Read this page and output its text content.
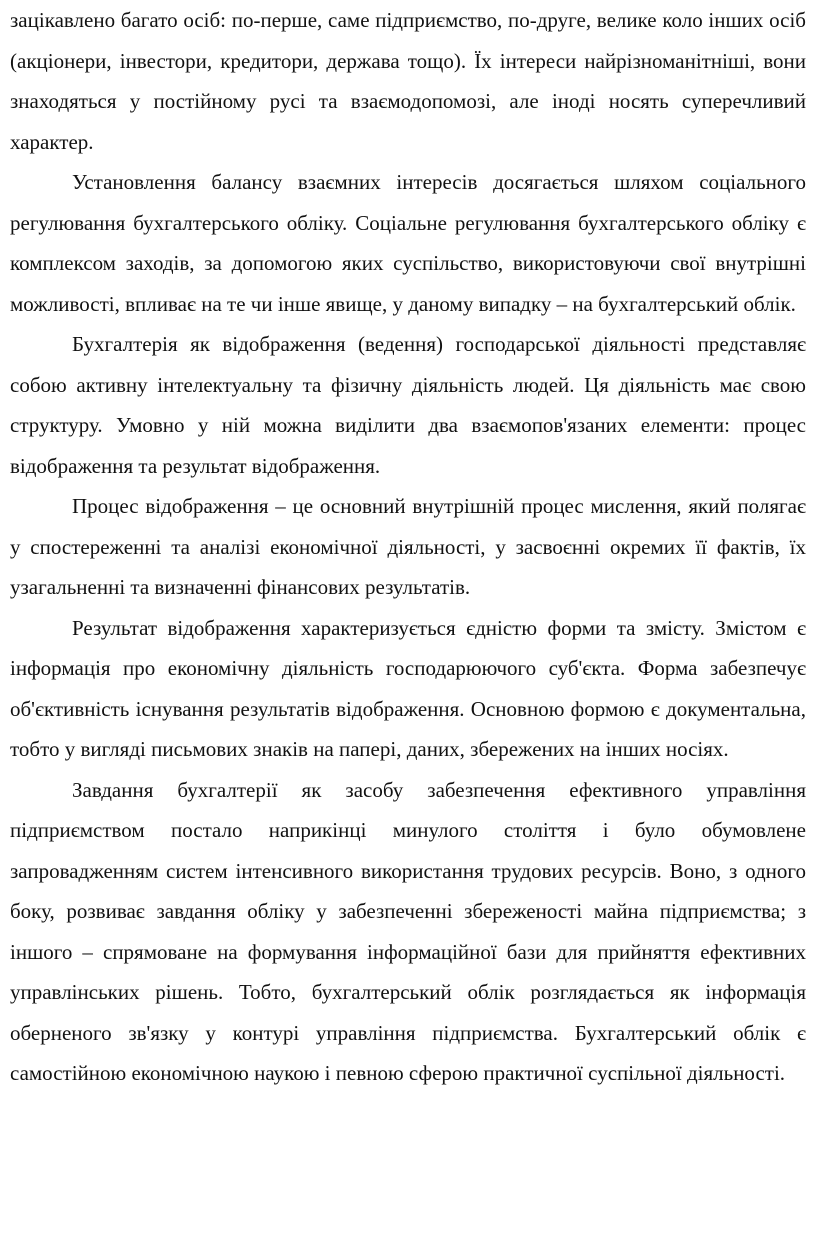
зацікавлено багато осіб: по-перше, саме підприємство, по-друге, велике коло інших осіб (акціонери, інвестори, кредитори, держава тощо). Їх інтереси найрізноманітніші, вони знаходяться у постійному русі та взаємодопомозі, але іноді носять суперечливий характер.

Установлення балансу взаємних інтересів досягається шляхом соціального регулювання бухгалтерського обліку. Соціальне регулювання бухгалтерського обліку є комплексом заходів, за допомогою яких суспільство, використовуючи свої внутрішні можливості, впливає на те чи інше явище, у даному випадку – на бухгалтерський облік.

Бухгалтерія як відображення (ведення) господарської діяльності представляє собою активну інтелектуальну та фізичну діяльність людей. Ця діяльність має свою структуру. Умовно у ній можна виділити два взаємопов'язаних елементи: процес відображення та результат відображення.

Процес відображення – це основний внутрішній процес мислення, який полягає у спостереженні та аналізі економічної діяльності, у засвоєнні окремих її фактів, їх узагальненні та визначенні фінансових результатів.

Результат відображення характеризується єдністю форми та змісту. Змістом є інформація про економічну діяльність господарюючого суб'єкта. Форма забезпечує об'єктивність існування результатів відображення. Основною формою є документальна, тобто у вигляді письмових знаків на папері, даних, збережених на інших носіях.

Завдання бухгалтерії як засобу забезпечення ефективного управління підприємством постало наприкінці минулого століття і було обумовлене запровадженням систем інтенсивного використання трудових ресурсів. Воно, з одного боку, розвиває завдання обліку у забезпеченні збереженості майна підприємства; з іншого – спрямоване на формування інформаційної бази для прийняття ефективних управлінських рішень. Тобто, бухгалтерський облік розглядається як інформація оберненого зв'язку у контурі управління підприємства. Бухгалтерський облік є самостійною економічною наукою і певною сферою практичної суспільної діяльності.
